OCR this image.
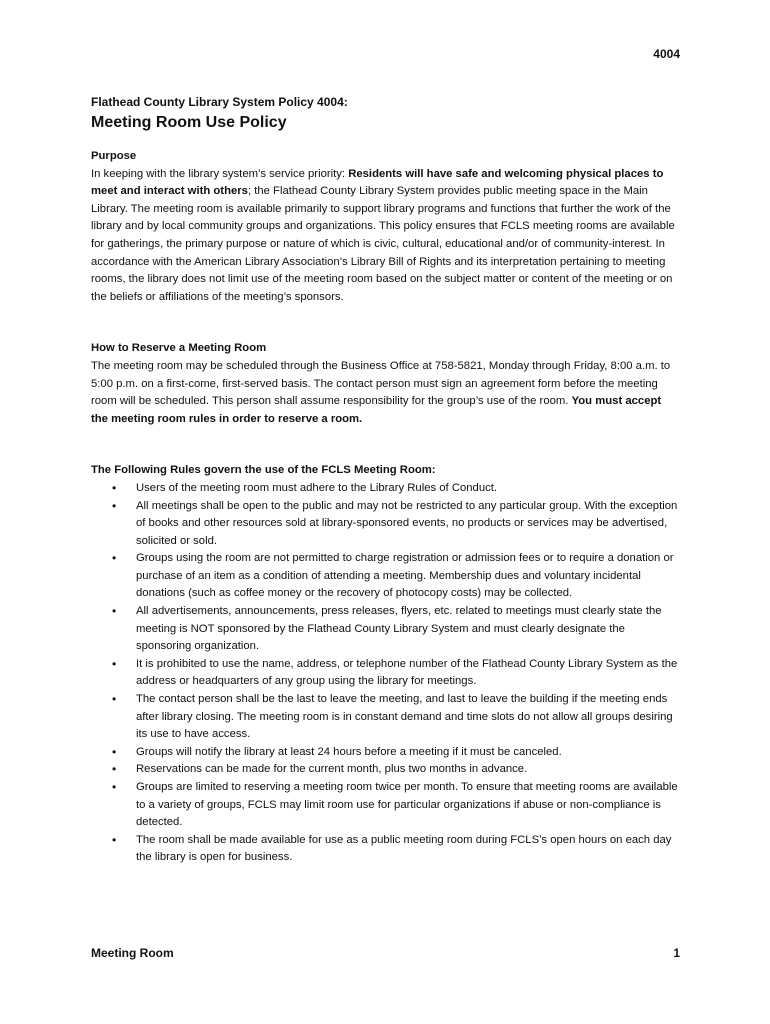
4004
Flathead County Library System Policy 4004:
Meeting Room Use Policy
Purpose

In keeping with the library system’s service priority: Residents will have safe and welcoming physical places to meet and interact with others; the Flathead County Library System provides public meeting space in the Main Library. The meeting room is available primarily to support library programs and functions that further the work of the library and by local community groups and organizations. This policy ensures that FCLS meeting rooms are available for gatherings, the primary purpose or nature of which is civic, cultural, educational and/or of community-interest. In accordance with the American Library Association’s Library Bill of Rights and its interpretation pertaining to meeting rooms, the library does not limit use of the meeting room based on the subject matter or content of the meeting or on the beliefs or affiliations of the meeting’s sponsors.

How to Reserve a Meeting Room

The meeting room may be scheduled through the Business Office at 758-5821, Monday through Friday, 8:00 a.m. to 5:00 p.m. on a first-come, first-served basis. The contact person must sign an agreement form before the meeting room will be scheduled. This person shall assume responsibility for the group’s use of the room. You must accept the meeting room rules in order to reserve a room.

The Following Rules govern the use of the FCLS Meeting Room:
• Users of the meeting room must adhere to the Library Rules of Conduct.
• All meetings shall be open to the public and may not be restricted to any particular group. With the exception of books and other resources sold at library-sponsored events, no products or services may be advertised, solicited or sold.
• Groups using the room are not permitted to charge registration or admission fees or to require a donation or purchase of an item as a condition of attending a meeting. Membership dues and voluntary incidental donations (such as coffee money or the recovery of photocopy costs) may be collected.
• All advertisements, announcements, press releases, flyers, etc. related to meetings must clearly state the meeting is NOT sponsored by the Flathead County Library System and must clearly designate the sponsoring organization.
• It is prohibited to use the name, address, or telephone number of the Flathead County Library System as the address or headquarters of any group using the library for meetings.
• The contact person shall be the last to leave the meeting, and last to leave the building if the meeting ends after library closing. The meeting room is in constant demand and time slots do not allow all groups desiring its use to have access.
• Groups will notify the library at least 24 hours before a meeting if it must be canceled.
• Reservations can be made for the current month, plus two months in advance.
• Groups are limited to reserving a meeting room twice per month. To ensure that meeting rooms are available to a variety of groups, FCLS may limit room use for particular organizations if abuse or non-compliance is detected.
• The room shall be made available for use as a public meeting room during FCLS’s open hours on each day the library is open for business.
Meeting Room	1
